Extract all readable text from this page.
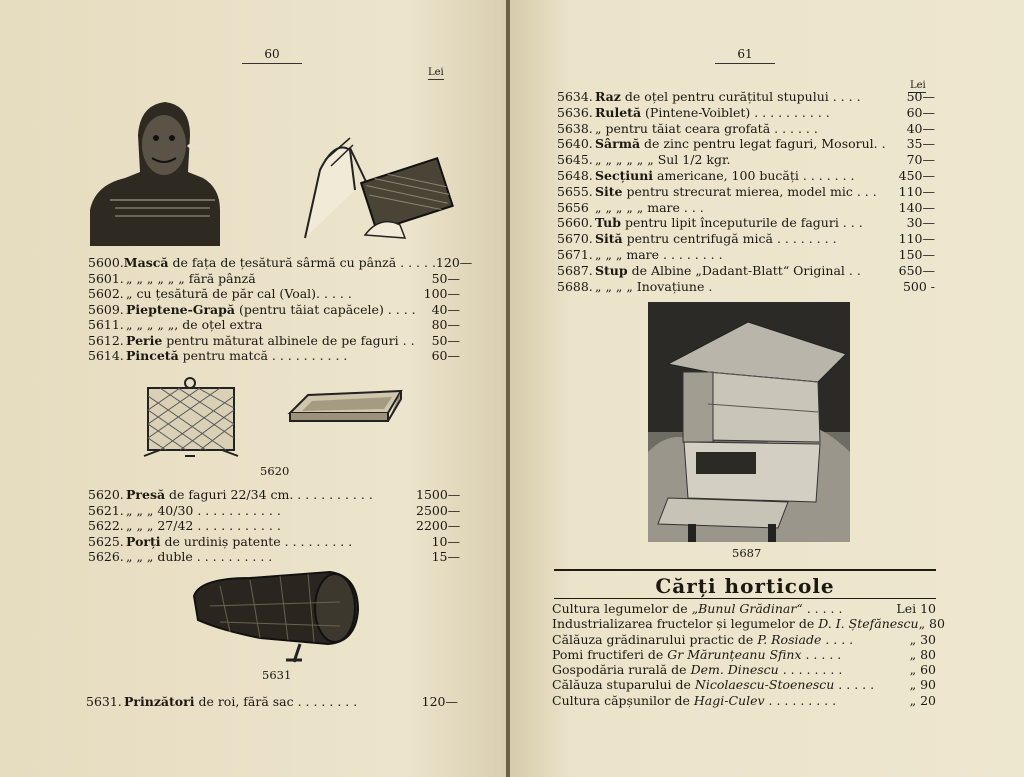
60
Lei
5600. Mască de fața de țesătură sârmă cu pânză . . . . . 120—
5601. „ „ „ „ „ „ fără pânză	50—
5602. „ cu țesătură de păr cal (Voal). . . . .	100—
5609. Pieptene-Grapă (pentru tăiat capăcele) . . . .	40—
5611. „ „ „ „ „, de oțel extra	80—
5612. Perie pentru măturat albinele de pe faguri . .	50—
5614. Pincetă pentru matcă . . . . . . . . . .	60—
5620
5620. Presă de faguri 22/34 cm. . . . . . . . . . .	1500—
5621. „ „ „ 40/30 . . . . . . . . . . .	2500—
5622. „ „ „ 27/42 . . . . . . . . . . .	2200—
5625. Porți de urdiniș patente . . . . . . . . .	10—
5626. „ „ „ duble . . . . . . . . . .	15—
5631
5631. Prinzători de roi, fără sac . . . . . . . .	120—
61
Lei
5634. Raz de oțel pentru curățitul stupului . . . .	50—
5636. Ruletă (Pintene-Voiblet) . . . . . . . . . .	60—
5638. „ pentru tăiat ceara grofată . . . . . .	40—
5640. Sârmă de zinc pentru legat faguri, Mosorul. .	35—
5645. „ „ „ „ „ „ Sul 1/2 kgr.	70—
5648. Secțiuni americane, 100 bucăți . . . . . . .	450—
5655. Site pentru strecurat mierea, model mic . . .	110—
5656 „ „ „ „ „ mare . . .	140—
5660. Tub pentru lipit începuturile de faguri . . .	30—
5670. Sită pentru centrifugă mică . . . . . . . .	110—
5671. „ „ „ mare . . . . . . . .	150—
5687. Stup de Albine „Dadant-Blatt“ Original . .	650—
5688. „ „ „ „ Inovațiune .	500 -
5687
Cărți horticole
Cultura legumelor de „Bunul Grădinar“ . . . . .	Lei 10
Industrializarea fructelor și legumelor de D. I. Ștefănescu „ 80
Călăuza grădinarului practic de P. Rosiade . . . .	„ 30
Pomi fructiferi de Gr Mărunțeanu Sfinx . . . . .	„ 80
Gospodăria rurală de Dem. Dinescu . . . . . . . .	„ 60
Călăuza stuparului de Nicolaescu-Stoenescu . . . . .	„ 90
Cultura căpșunilor de Hagi-Culev . . . . . . . . .	„ 20
